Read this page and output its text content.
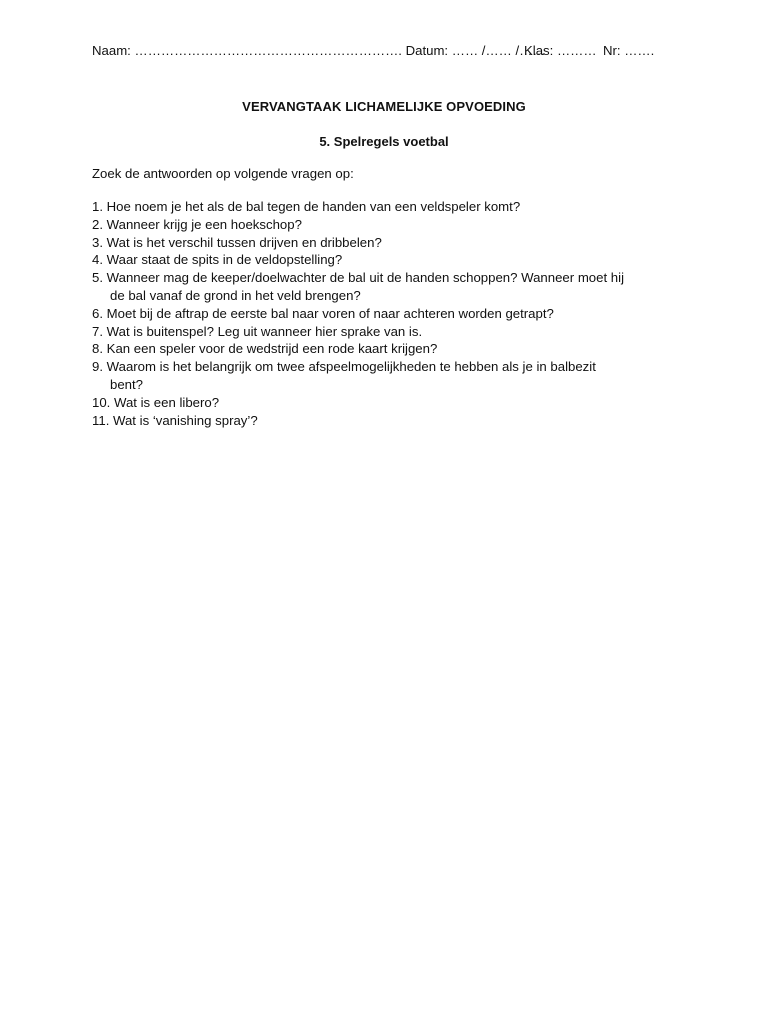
Naam: ……………………………………………………. Datum: …… /…… /……
Klas: ……… Nr: …….
VERVANGTAAK LICHAMELIJKE OPVOEDING
5. Spelregels voetbal
Zoek de antwoorden op volgende vragen op:
1. Hoe noem je het als de bal tegen de handen van een veldspeler komt?
2. Wanneer krijg je een hoekschop?
3. Wat is het verschil tussen drijven en dribbelen?
4. Waar staat de spits in de veldopstelling?
5. Wanneer mag de keeper/doelwachter de bal uit de handen schoppen? Wanneer moet hij
de bal vanaf de grond in het veld brengen?
6. Moet bij de aftrap de eerste bal naar voren of naar achteren worden getrapt?
7. Wat is buitenspel? Leg uit wanneer hier sprake van is.
8. Kan een speler voor de wedstrijd een rode kaart krijgen?
9. Waarom is het belangrijk om twee afspeelmogelijkheden te hebben als je in balbezit
bent?
10. Wat is een libero?
11. Wat is ‘vanishing spray’?
